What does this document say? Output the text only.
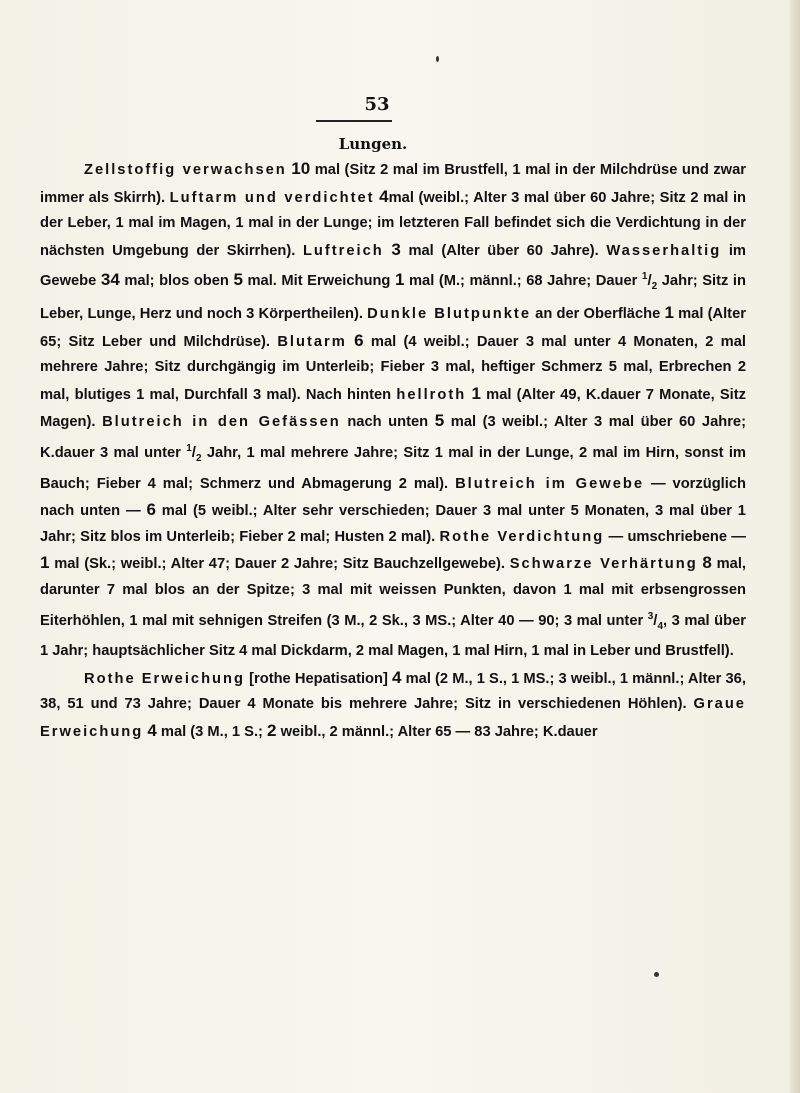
53
Lungen.

Zellstoffig verwachsen 10 mal (Sitz 2 mal im Brustfell, 1 mal in der Milchdrüse und zwar immer als Skirrh). Luftarm und verdichtet 4mal (weibl.; Alter 3 mal über 60 Jahre; Sitz 2 mal in der Leber, 1 mal im Magen, 1 mal in der Lunge; im letzteren Fall befindet sich die Verdichtung in der nächsten Umgebung der Skirrhen). Luftreich 3 mal (Alter über 60 Jahre). Wasserhaltig im Gewebe 34 mal; blos oben 5 mal. Mit Erweichung 1 mal (M.; männl.; 68 Jahre; Dauer $^1/_2$ Jahr; Sitz in Leber, Lunge, Herz und noch 3 Körpertheilen). Dunkle Blutpunkte an der Oberfläche 1 mal (Alter 65; Sitz Leber und Milchdrüse). Blutarm 6 mal (4 weibl.; Dauer 3 mal unter 4 Monaten, 2 mal mehrere Jahre; Sitz durchgängig im Unterleib; Fieber 3 mal, heftiger Schmerz 5 mal, Erbrechen 2 mal, blutiges 1 mal, Durchfall 3 mal). Nach hinten hellroth 1 mal (Alter 49, K.dauer 7 Monate, Sitz Magen). Blutreich in den Gefässen nach unten 5 mal (3 weibl.; Alter 3 mal über 60 Jahre; K.dauer 3 mal unter $^1/_2$ Jahr, 1 mal mehrere Jahre; Sitz 1 mal in der Lunge, 2 mal im Hirn, sonst im Bauch; Fieber 4 mal; Schmerz und Abmagerung 2 mal). Blutreich im Gewebe — vorzüglich nach unten — 6 mal (5 weibl.; Alter sehr verschieden; Dauer 3 mal unter 5 Monaten, 3 mal über 1 Jahr; Sitz blos im Unterleib; Fieber 2 mal; Husten 2 mal). Rothe Verdichtung — umschriebene — 1 mal (Sk.; weibl.; Alter 47; Dauer 2 Jahre; Sitz Bauchzellgewebe). Schwarze Verhärtung 8 mal, darunter 7 mal blos an der Spitze; 3 mal mit weissen Punkten, davon 1 mal mit erbsengrossen Eiterhöhlen, 1 mal mit sehnigen Streifen (3 M., 2 Sk., 3 MS.; Alter 40 — 90; 3 mal unter $^3/_4$, 3 mal über 1 Jahr; hauptsächlicher Sitz 4 mal Dickdarm, 2 mal Magen, 1 mal Hirn, 1 mal in Leber und Brustfell).

Rothe Erweichung [rothe Hepatisation] 4 mal (2 M., 1 S., 1 MS.; 3 weibl., 1 männl.; Alter 36, 38, 51 und 73 Jahre; Dauer 4 Monate bis mehrere Jahre; Sitz in verschiedenen Höhlen). Graue Erweichung 4 mal (3 M., 1 S.; 2 weibl., 2 männl.; Alter 65 — 83 Jahre; K.dauer
